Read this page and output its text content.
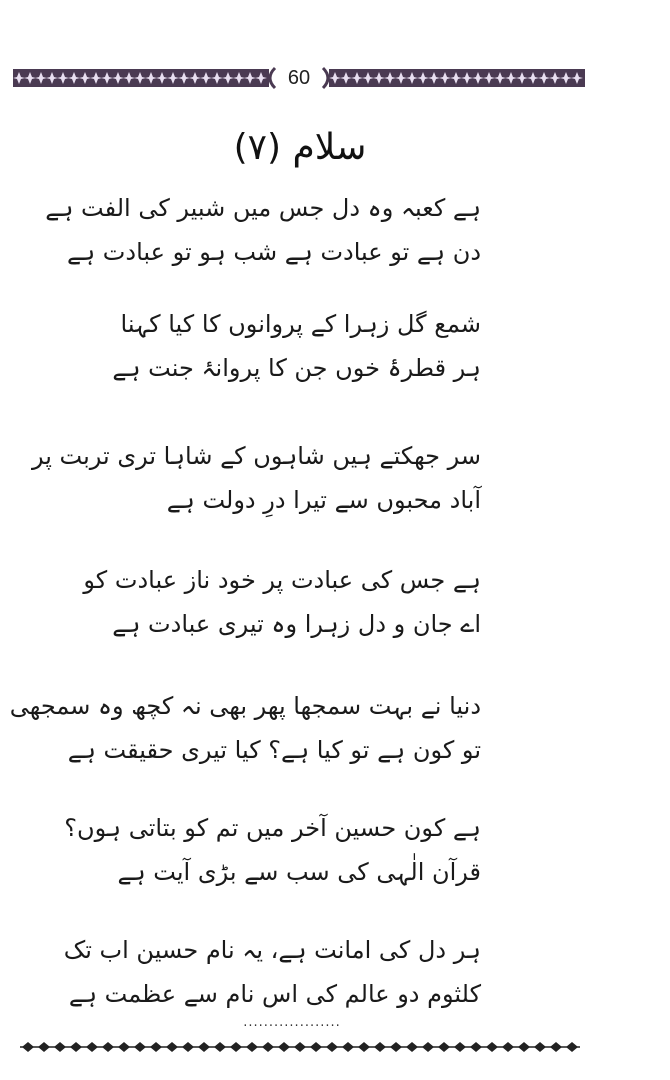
60
سلام (۷)
ہے کعبہ وہ دل جس میں شبیر کی الفت ہے
دن ہے تو عبادت ہے شب ہو تو عبادت ہے
شمع گل زہرا کے پروانوں کا کیا کہنا
ہر قطرۂ خوں جن کا پروانۂ جنت ہے
سر جھکتے ہیں شاہوں کے شاہا تری تربت پر
آباد محبوں سے تیرا درِ دولت ہے
ہے جس کی عبادت پر خود ناز عبادت کو
اے جان و دل زہرا وہ تیری عبادت ہے
دنیا نے بہت سمجھا پھر بھی نہ کچھ وہ سمجھی
تو کون ہے تو کیا ہے؟ کیا تیری حقیقت ہے
ہے کون حسین آخر میں تم کو بتاتی ہوں؟
قرآن الٰہی کی سب سے بڑی آیت ہے
ہر دل کی امانت ہے، یہ نام حسین اب تک
کلثوم دو عالم کی اس نام سے عظمت ہے
...................
